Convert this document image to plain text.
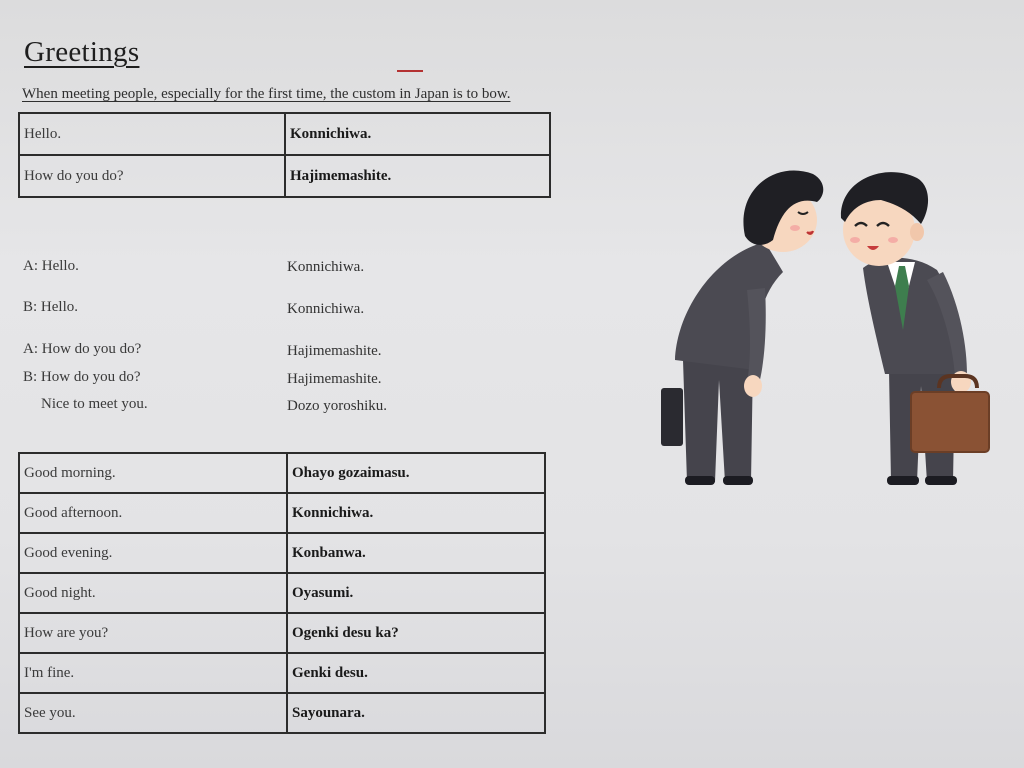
Greetings
When meeting people, especially for the first time, the custom in Japan is to bow.
Hello.	Konnichiwa.
How do you do?	Hajimemashite.
A: Hello.	Konnichiwa.
B: Hello.	Konnichiwa.
A: How do you do?	Hajimemashite.
B: How do you do?	Hajimemashite.
Nice to meet you.	Dozo yoroshiku.
Good morning.	Ohayo gozaimasu.
Good afternoon.	Konnichiwa.
Good evening.	Konbanwa.
Good night.	Oyasumi.
How are you?	Ogenki desu ka?
I'm fine.	Genki desu.
See you.	Sayounara.
